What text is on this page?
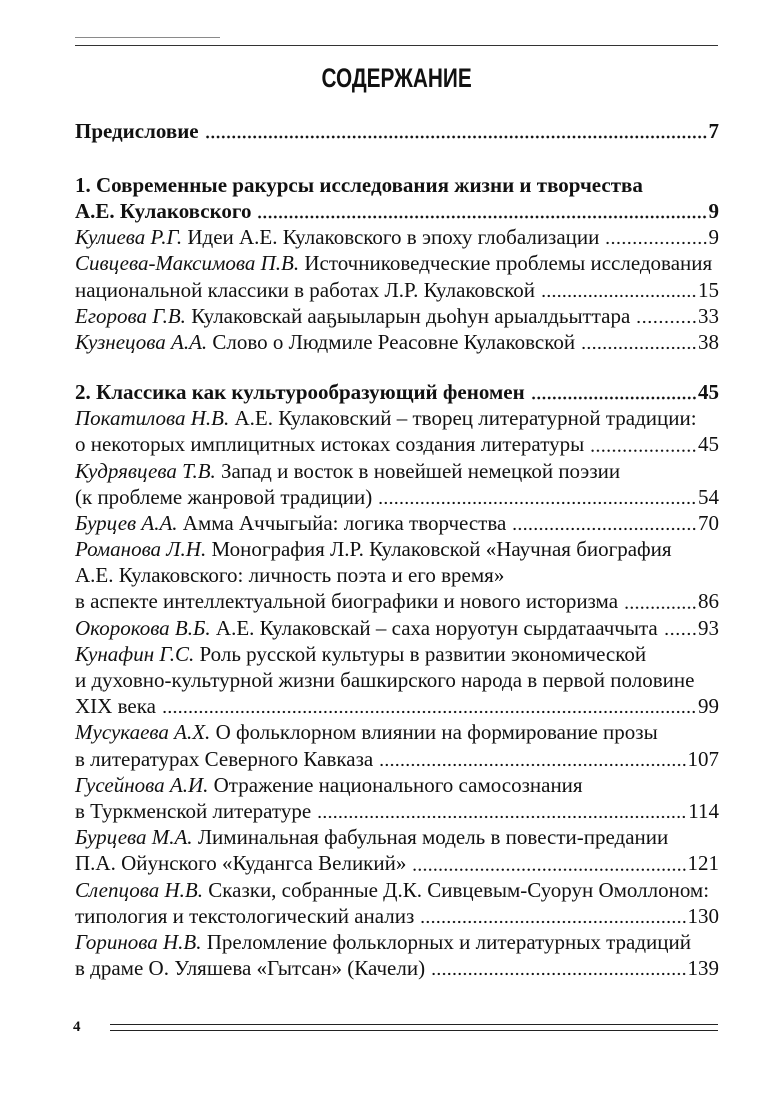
СОДЕРЖАНИЕ
Предисловие	7
1. Современные ракурсы исследования жизни и творчества
А.Е. Кулаковского	9
Кулиева Р.Г. Идеи А.Е. Кулаковского в эпоху глобализации	9
Сивцева-Максимова П.В. Источниковедческие проблемы исследования
национальной классики в работах Л.Р. Кулаковской	15
Егорова Г.В. Кулаковскай ааҕыыларын дьоһун арыалдьыттара	33
Кузнецова А.А. Слово о Людмиле Реасовне Кулаковской	38
2. Классика как культурообразующий феномен	45
Покатилова Н.В. А.Е. Кулаковский – творец литературной традиции:
о некоторых имплицитных истоках создания литературы	45
Кудрявцева Т.В. Запад и восток в новейшей немецкой поэзии
(к проблеме жанровой традиции)	54
Бурцев А.А. Амма Аччыгыйа: логика творчества	70
Романова Л.Н. Монография Л.Р. Кулаковской «Научная биография
А.Е. Кулаковского: личность поэта и его время»
в аспекте интеллектуальной биографики и нового историзма	86
Окорокова В.Б. А.Е. Кулаковскай – саха норуотун сырдатааччыта 93
Кунафин Г.С. Роль русской культуры в развитии экономической
и духовно-культурной жизни башкирского народа в первой половине
XIX века	99
Мусукаева А.Х. О фольклорном влиянии на формирование прозы
в литературах Северного Кавказа	107
Гусейнова А.И. Отражение национального самосознания
в Туркменской литературе	114
Бурцева М.А. Лиминальная фабульная модель в повести-предании
П.А. Ойунского «Кудангса Великий»	121
Слепцова Н.В. Сказки, собранные Д.К. Сивцевым-Суорун Омоллоном:
типология и текстологический анализ	130
Горинова Н.В. Преломление фольклорных и литературных традиций
в драме О. Уляшева «Гытсан» (Качели)	139
4
